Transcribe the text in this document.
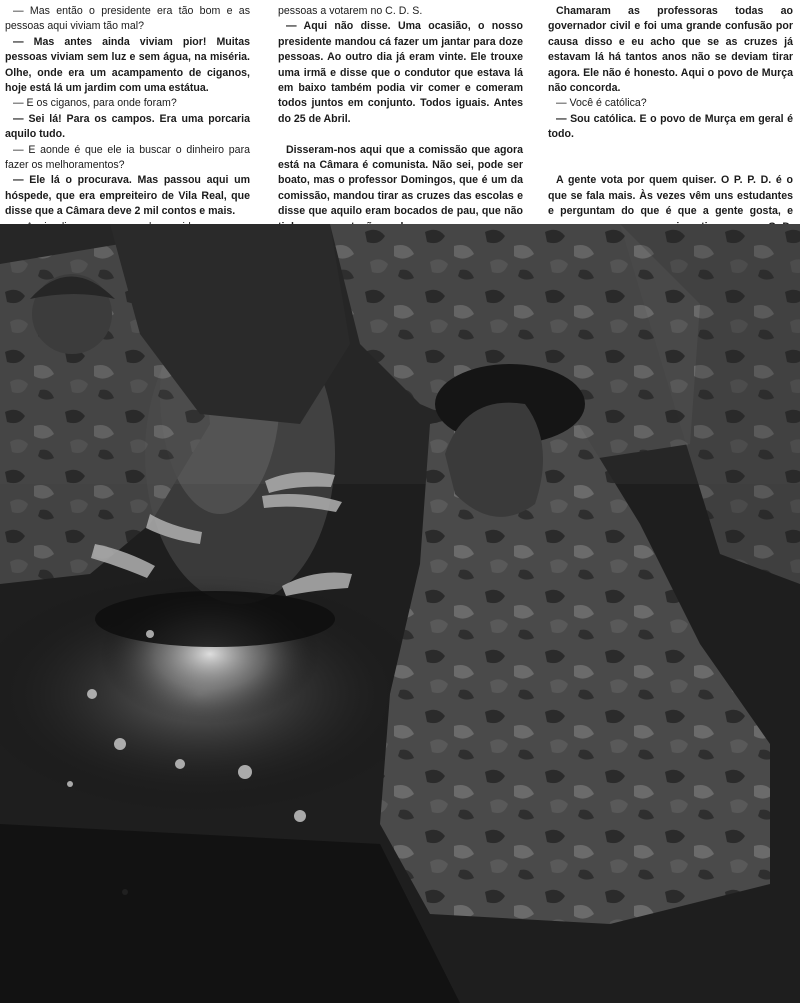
— Mas então o presidente era tão bom e as pessoas aqui viviam tão mal?

— Mas antes ainda viviam pior! Muitas pessoas viviam sem luz e sem água, na miséria. Olhe, onde era um acampamento de ciganos, hoje está lá um jardim com uma estátua.

— E os ciganos, para onde foram?

— Sei lá! Para os campos. Era uma porcaria aquilo tudo.

— E aonde é que ele ia buscar o dinheiro para fazer os melhoramentos?

— Ele lá o procurava. Mas passou aqui um hóspede, que era empreiteiro de Vila Real, que disse que a Câmara deve 2 mil contos e mais.

pessoas a votarem no C. D. S.

— Aqui não disse. Uma ocasião, o nosso presidente mandou cá fazer um jantar para doze pessoas. Ao outro dia já eram vinte. Ele trouxe uma irmã e disse que o condutor que estava lá em baixo também podia vir comer e comeram todos juntos em conjunto. Todos iguais. Antes do 25 de Abril.

Disseram-nos aqui que a comissão que agora está na Câmara é comunista. Não sei, pode ser boato, mas o professor Domingos, que é um da comissão, mandou tirar as cruzes das escolas e disse que aquilo eram bocados de pau, que não

Chamaram as professoras todas ao governador civil e foi uma grande confusão por causa disso e eu acho que se as cruzes já estavam lá há tantos anos não se deviam tirar agora. Ele não é honesto. Aqui o povo de Murça não concorda.

— Você é católica?

— Sou católica. E o povo de Murça em geral é todo.

A gente vota por quem quiser. O P. P. D. é o que se fala mais. Às vezes vêm uns estudantes e perguntam do que é que a gente gosta, e
